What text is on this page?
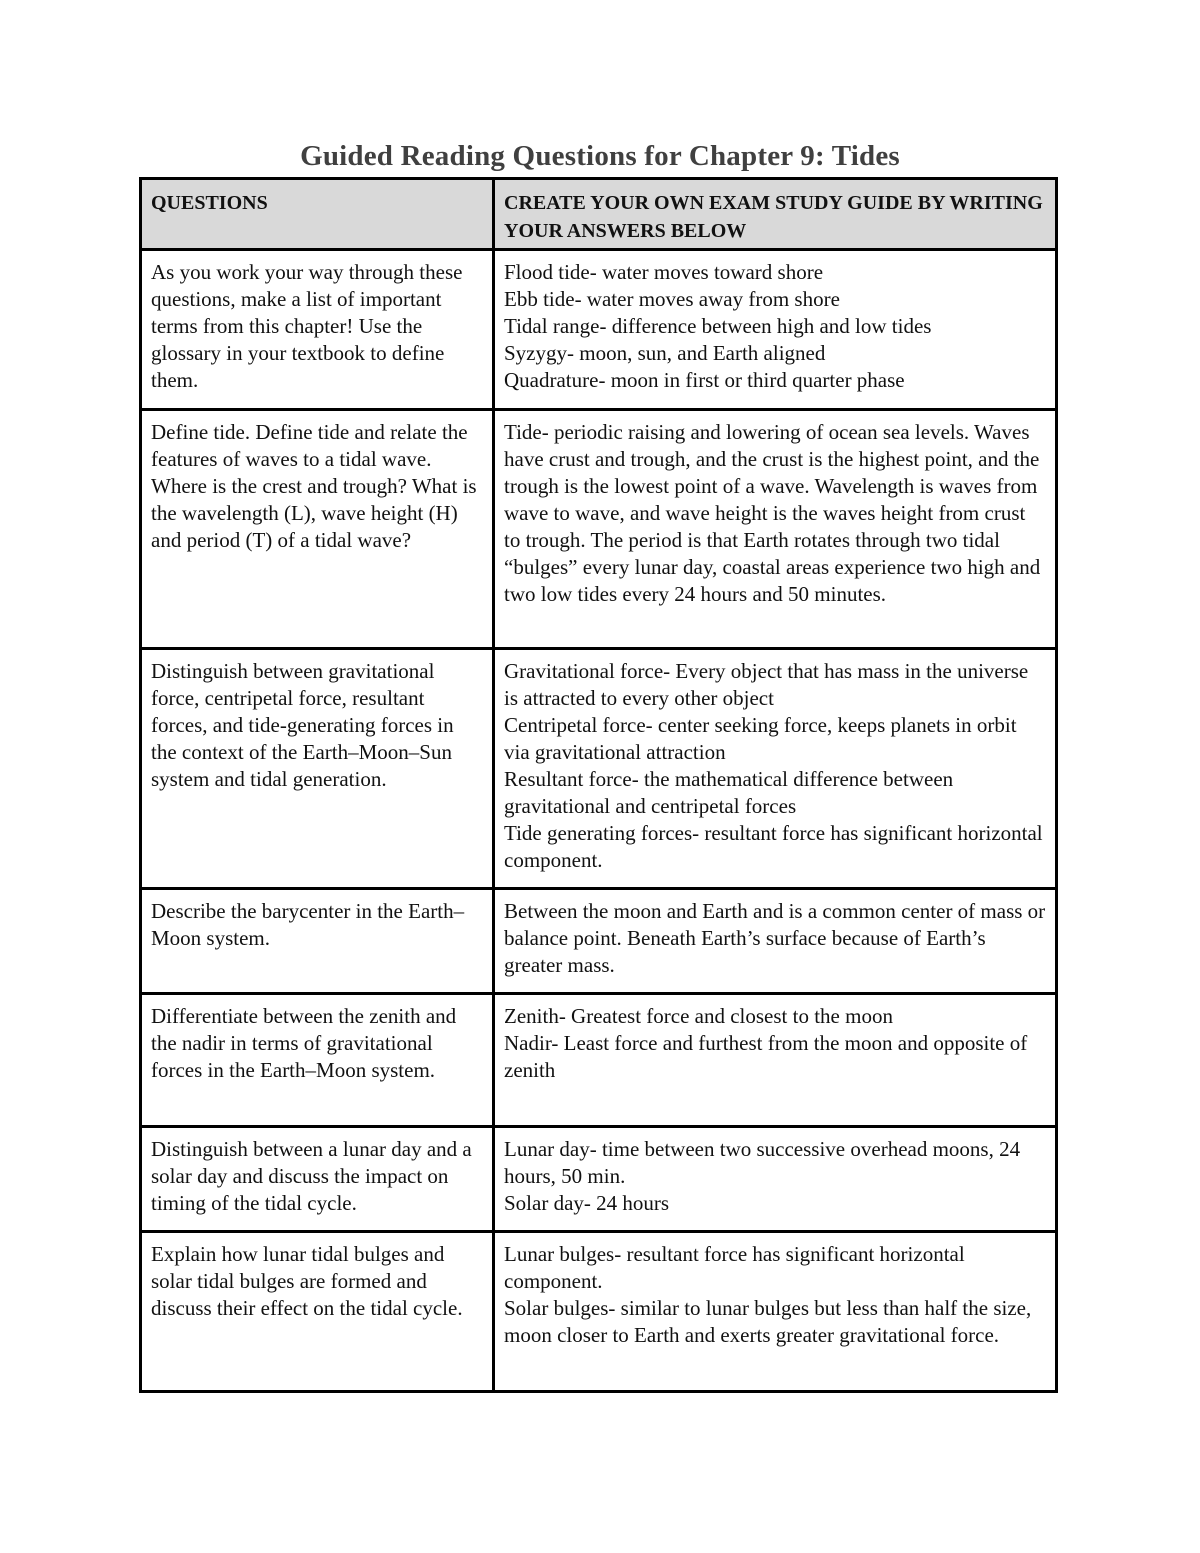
Guided Reading Questions for Chapter 9: Tides
QUESTIONS	CREATE YOUR OWN EXAM STUDY GUIDE BY WRITING YOUR ANSWERS BELOW
As you work your way through these questions, make a list of important terms from this chapter! Use the glossary in your textbook to define them.	Flood tide- water moves toward shore
Ebb tide- water moves away from shore
Tidal range- difference between high and low tides
Syzygy- moon, sun, and Earth aligned
Quadrature- moon in first or third quarter phase

Define tide. Define tide and relate the features of waves to a tidal wave. Where is the crest and trough? What is the wavelength (L), wave height (H) and period (T) of a tidal wave?	Tide- periodic raising and lowering of ocean sea levels. Waves have crust and trough, and the crust is the highest point, and the trough is the lowest point of a wave. Wavelength is waves from wave to wave, and wave height is the waves height from crust to trough. The period is that Earth rotates through two tidal “bulges” every lunar day, coastal areas experience two high and two low tides every 24 hours and 50 minutes.

Distinguish between gravitational force, centripetal force, resultant forces, and tide-generating forces in the context of the Earth–Moon–Sun system and tidal generation.	Gravitational force- Every object that has mass in the universe is attracted to every other object
Centripetal force- center seeking force, keeps planets in orbit via gravitational attraction
Resultant force- the mathematical difference between gravitational and centripetal forces
Tide generating forces- resultant force has significant horizontal component.

Describe the barycenter in the Earth–Moon system.	Between the moon and Earth and is a common center of mass or balance point. Beneath Earth’s surface because of Earth’s greater mass.

Differentiate between the zenith and the nadir in terms of gravitational forces in the Earth–Moon system.	Zenith- Greatest force and closest to the moon
Nadir- Least force and furthest from the moon and opposite of zenith

Distinguish between a lunar day and a solar day and discuss the impact on timing of the tidal cycle.	Lunar day- time between two successive overhead moons, 24 hours, 50 min.
Solar day- 24 hours

Explain how lunar tidal bulges and solar tidal bulges are formed and discuss their effect on the tidal cycle.	Lunar bulges- resultant force has significant horizontal component.
Solar bulges- similar to lunar bulges but less than half the size, moon closer to Earth and exerts greater gravitational force.
